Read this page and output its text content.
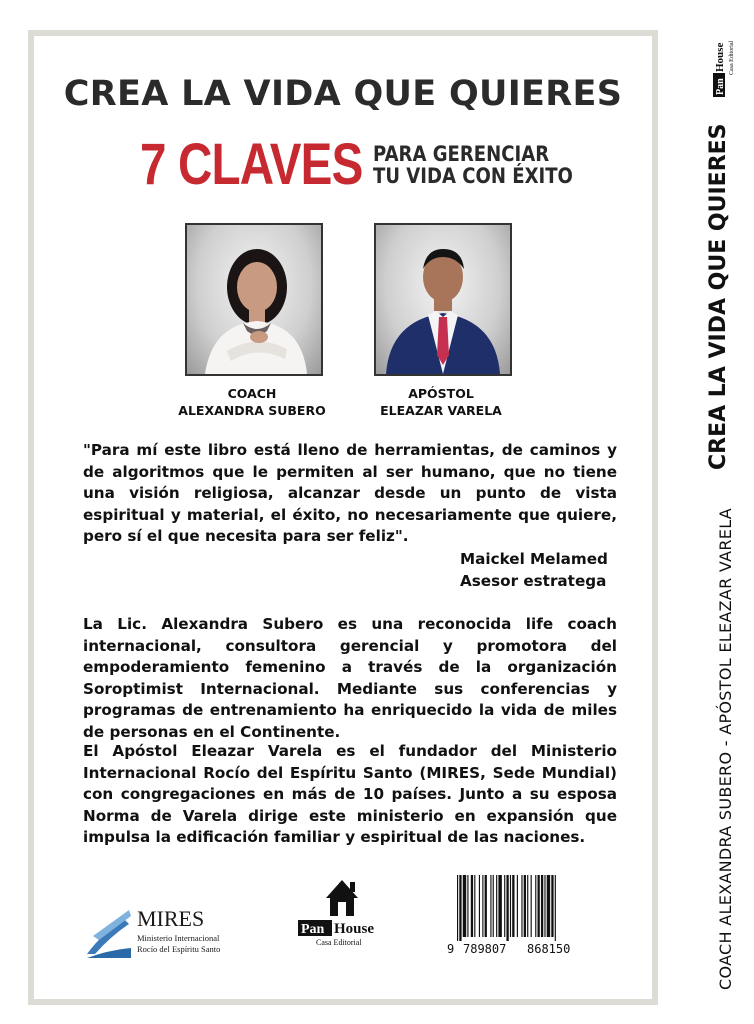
CREA LA VIDA QUE QUIERES
7 CLAVES PARA GERENCIAR
TU VIDA CON ÉXITO
COACH
ALEXANDRA SUBERO
APÓSTOL
ELEAZAR VARELA
"Para mí este libro está lleno de herramientas, de caminos y de algoritmos que le permiten al ser humano, que no tiene una visión religiosa, alcanzar desde un punto de vista espiritual y material, el éxito, no necesariamente que quiere, pero sí el que necesita para ser feliz".
Maickel Melamed
Asesor estratega
La Lic. Alexandra Subero es una reconocida life coach internacional, consultora gerencial y promotora del empoderamiento femenino a través de la organización Soroptimist Internacional. Mediante sus conferencias y programas de entrenamiento ha enriquecido la vida de miles de personas en el Continente.
El Apóstol Eleazar Varela es el fundador del Ministerio Internacional Rocío del Espíritu Santo (MIRES, Sede Mundial) con congregaciones en más de 10 países. Junto a su esposa Norma de Varela dirige este ministerio en expansión que impulsa la edificación familiar y espiritual de las naciones.
MIRES
Ministerio Internacional
Rocío del Espíritu Santo
Pan House
Casa Editorial	9 789807 868150
Pan
House Casa Editorial
CREA LA VIDA QUE QUIERES
COACH ALEXANDRA SUBERO - APÓSTOL ELEAZAR VARELA
